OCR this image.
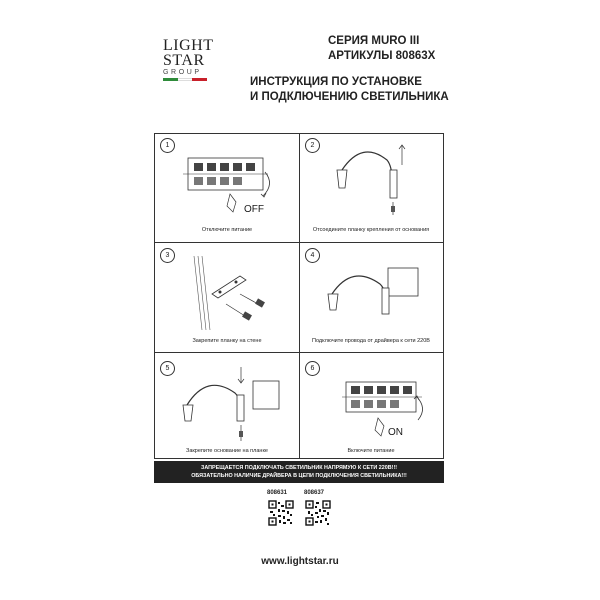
LIGHT
STAR
GROUP
СЕРИЯ MURO III
АРТИКУЛЫ 80863X
ИНСТРУКЦИЯ ПО УСТАНОВКЕ
И ПОДКЛЮЧЕНИЮ СВЕТИЛЬНИКА
1
OFF
Отключите питание
2
Отсоедините планку крепления от основания
3
Закрепите планку на стене
4
Подключите провода от драйвера к сети 220В
5
Закрепите основание на планке
6
ON
Включите питание
ЗАПРЕЩАЕТСЯ ПОДКЛЮЧАТЬ СВЕТИЛЬНИК НАПРЯМУЮ К СЕТИ 220В!!!
ОБЯЗАТЕЛЬНО НАЛИЧИЕ ДРАЙВЕРА В ЦЕПИ ПОДКЛЮЧЕНИЯ СВЕТИЛЬНИКА!!!
808631	808637
www.lightstar.ru
